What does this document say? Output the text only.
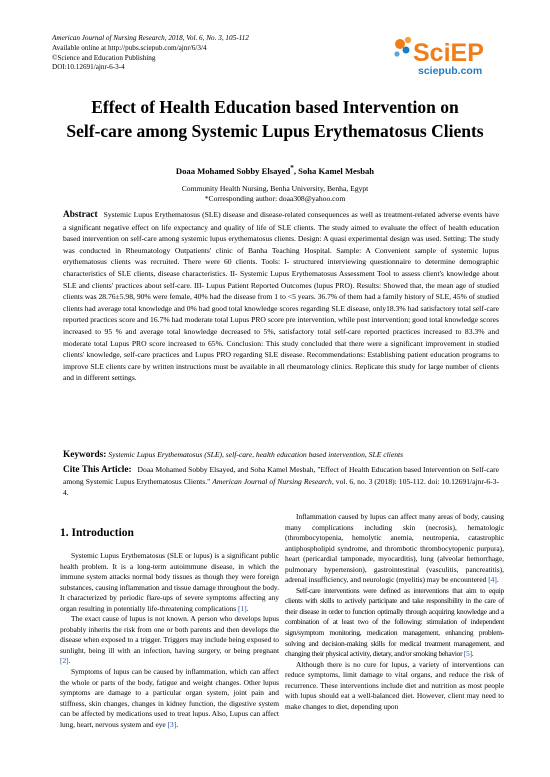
American Journal of Nursing Research, 2018, Vol. 6, No. 3, 105-112
Available online at http://pubs.sciepub.com/ajnr/6/3/4
©Science and Education Publishing
DOI:10.12691/ajnr-6-3-4
SciEP
sciepub.com
Effect of Health Education based Intervention on
Self-care among Systemic Lupus Erythematosus Clients
Doaa Mohamed Sobby Elsayed*, Soha Kamel Mesbah
Community Health Nursing, Benha University, Benha, Egypt
*Corresponding author: doaa308@yahoo.com
Abstract Systemic Lupus Erythematosus (SLE) disease and disease-related consequences as well as treatment-related adverse events have a significant negative effect on life expectancy and quality of life of SLE clients. The study aimed to evaluate the effect of health education based intervention on self-care among systemic lupus erythematosus clients. Design: A quasi experimental design was used. Setting: The study was conducted in Rheumatology Outpatients' clinic of Banha Teaching Hospital. Sample: A Convenient sample of systemic lupus erythematosus clients was recruited. There were 60 clients. Tools: I- structured interviewing questionnaire to determine demographic characteristics of SLE clients, disease characteristics. II- Systemic Lupus Erythematosus Assessment Tool to assess client's knowledge about SLE and clients' practices about self-care. III- Lupus Patient Reported Outcomes (lupus PRO). Results: Showed that, the mean age of studied clients was 28.76±5.98, 90% were female, 40% had the disease from 1 to <5 years. 36.7% of them had a family history of SLE, 45% of studied clients had average total knowledge and 0% had good total knowledge scores regarding SLE disease, only18.3% had satisfactory total self-care reported practices score and 16.7% had moderate total Lupus PRO score pre intervention, while post intervention; good total knowledge scores increased to 95 % and average total knowledge decreased to 5%, satisfactory total self-care reported practices increased to 83.3% and moderate total Lupus PRO score increased to 65%. Conclusion: This study concluded that there were a significant improvement in studied clients' knowledge, self-care practices and Lupus PRO regarding SLE disease. Recommendations: Establishing patient education programs to improve SLE clients care by written instructions must be available in all rheumatology clinics. Replicate this study for large number of clients and in different settings.
Keywords: Systemic Lupus Erythematosus (SLE), self-care, health education based intervention, SLE clients
Cite This Article: Doaa Mohamed Sobby Elsayed, and Soha Kamel Mesbah, "Effect of Health Education based Intervention on Self-care among Systemic Lupus Erythematosus Clients." American Journal of Nursing Research, vol. 6, no. 3 (2018): 105-112. doi: 10.12691/ajnr-6-3-4.
1. Introduction

Systemic Lupus Erythematosus (SLE or lupus) is a significant public health problem. It is a long-term autoimmune disease, in which the immune system attacks normal body tissues as though they were foreign substances, causing inflammation and tissue damage throughout the body. It characterized by periodic flare-ups of severe symptoms affecting any organ resulting in potentially life-threatening complications [1].

The exact cause of lupus is not known. A person who develops lupus probably inherits the risk from one or both parents and then develops the disease when exposed to a trigger. Triggers may include being exposed to sunlight, being ill with an infection, having surgery, or being pregnant [2].

Symptoms of lupus can be caused by inflammation, which can affect the whole or parts of the body, fatigue and weight changes. Other lupus symptoms are damage to a particular organ system, joint pain and stiffness, skin changes, changes in kidney function, the digestive system can be affected by medications used to treat lupus. Also, Lupus can affect lung, heart, nervous system and eye [3].

Inflammation caused by lupus can affect many areas of body, causing many complications including skin (necrosis), hematologic (thrombocytopenia, hemolytic anemia, neutropenia, catastrophic antiphospholipid syndrome, and thrombotic thrombocytopenic purpura), heart (pericardial tamponade, myocarditis), lung (alveolar hemorrhage, pulmonary hypertension), gastrointestinal (vasculitis, pancreatitis), adrenal insufficiency, and neurologic (myelitis) may be encountered [4].

Self-care interventions were defined as interventions that aim to equip clients with skills to actively participate and take responsibility in the care of their disease in order to function optimally through acquiring knowledge and a combination of at least two of the following: stimulation of independent sign/symptom monitoring, medication management, enhancing problem-solving and decision-making skills for medical treatment management, and changing their physical activity, dietary, and/or smoking behavior [5].

Although there is no cure for lupus, a variety of interventions can reduce symptoms, limit damage to vital organs, and reduce the risk of recurrence. These interventions include diet and nutrition as most people with lupus should eat a well-balanced diet. However, client may need to make changes to diet, depending upon
